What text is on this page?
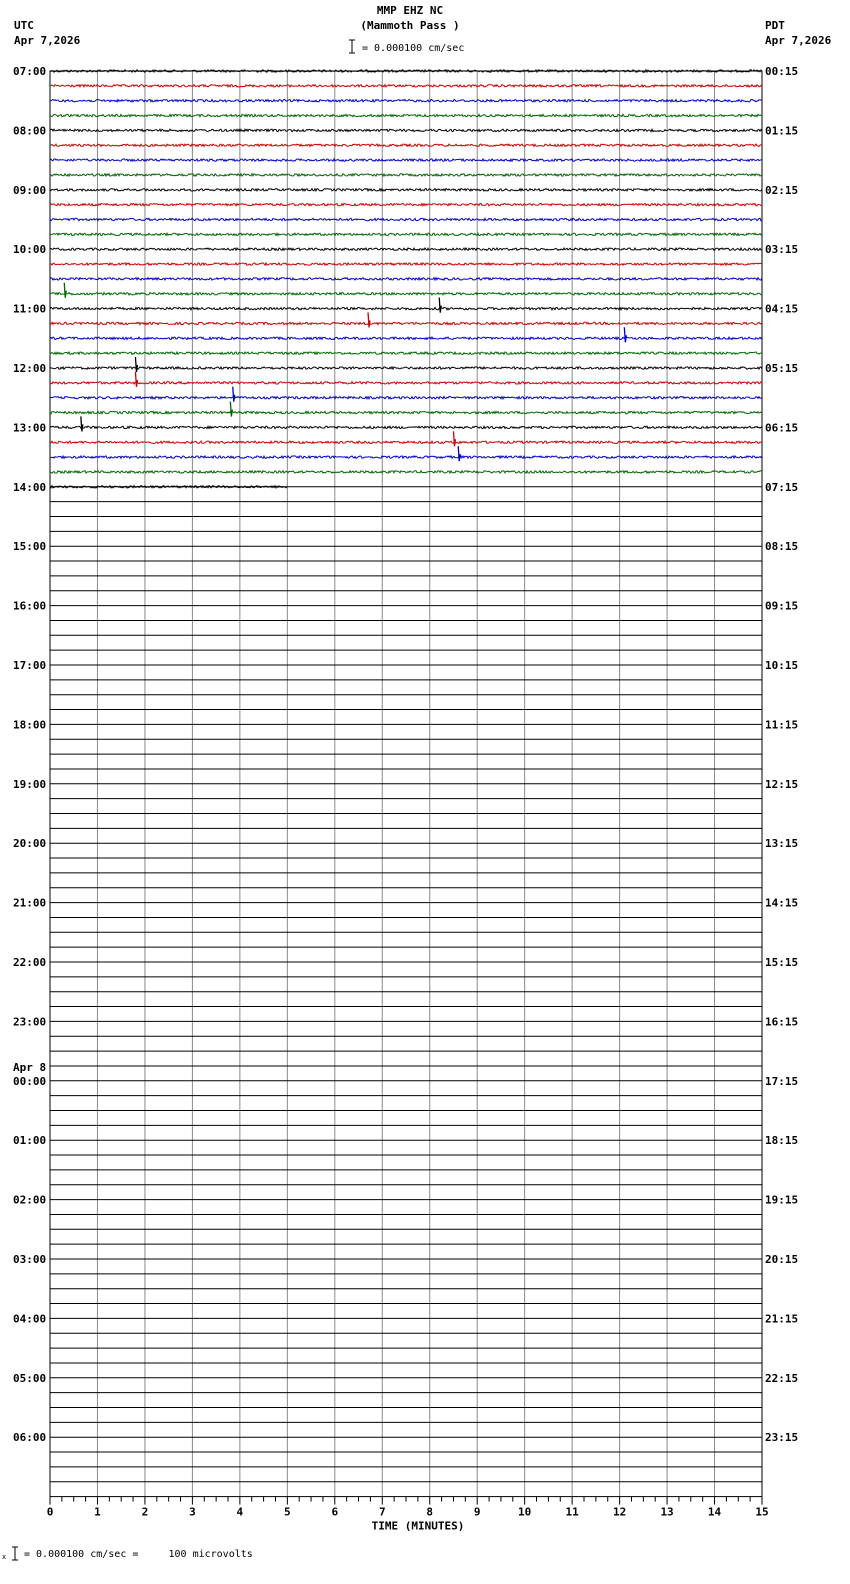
MMP EHZ NC
(Mammoth Pass )
= 0.000100 cm/sec
UTC
Apr 7,2026
PDT
Apr 7,2026
0	1	2	3	4	5	6	7	8	9	10	11	12	13	14	15
TIME (MINUTES)
07:00
08:00
09:00
10:00
11:00
12:00
13:00
14:00
15:00
16:00
17:00
18:00
19:00
20:00
21:00
22:00
23:00
00:00
Apr 8
01:00
02:00
03:00
04:00
05:00
06:00
00:15
01:15
02:15
03:15
04:15
05:15
06:15
07:15
08:15
09:15
10:15
11:15
12:15
13:15
14:15
15:15
16:15
17:15
18:15
19:15
20:15
21:15
22:15
23:15
x = 0.000100 cm/sec =     100 microvolts
